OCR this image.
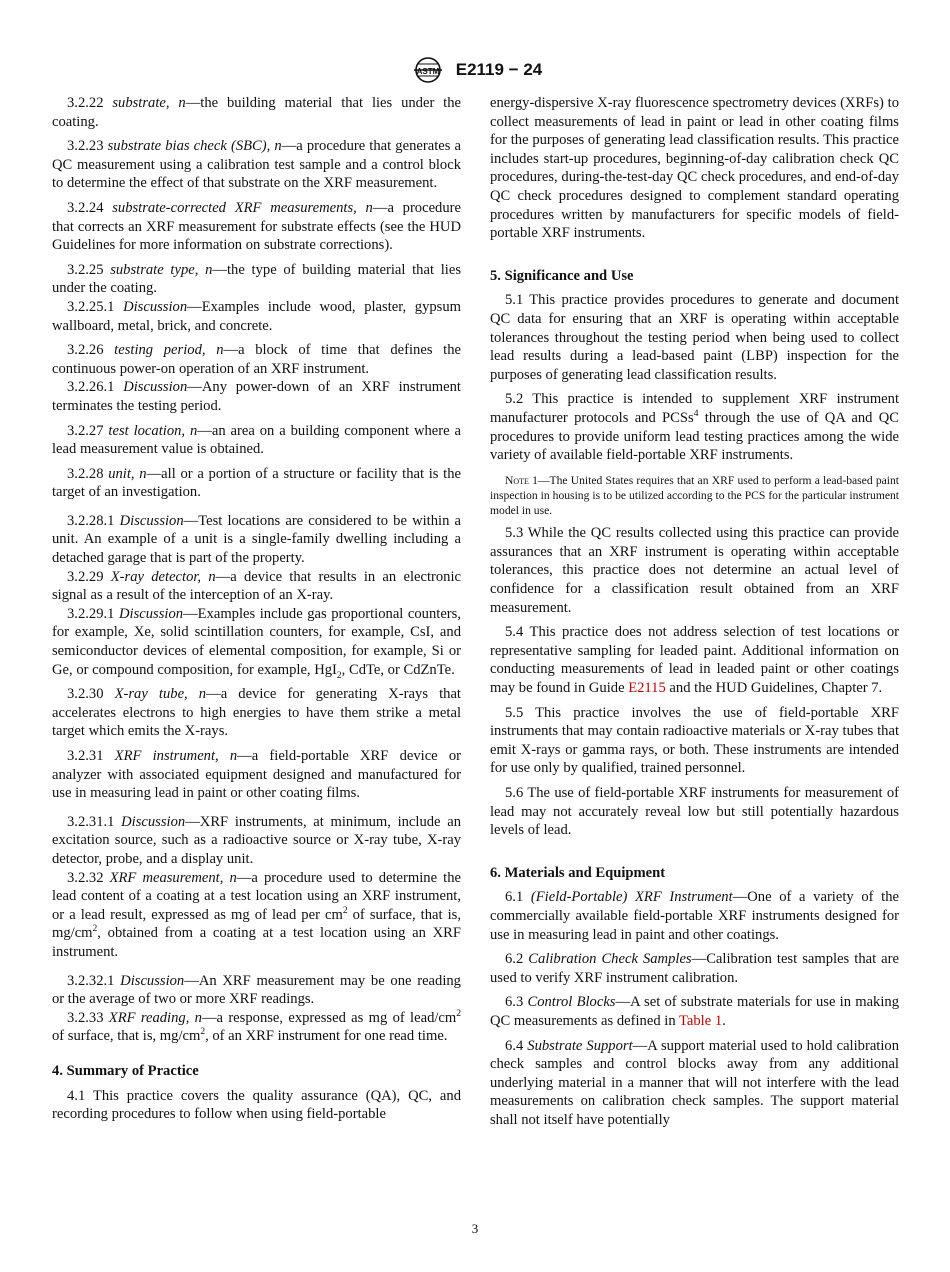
ASTM E2119 − 24

3.2.22 substrate, n—the building material that lies under the coating.

3.2.23 substrate bias check (SBC), n—a procedure that generates a QC measurement using a calibration test sample and a control block to determine the effect of that substrate on the XRF measurement.

3.2.24 substrate-corrected XRF measurements, n—a procedure that corrects an XRF measurement for substrate effects (see the HUD Guidelines for more information on substrate corrections).

3.2.25 substrate type, n—the type of building material that lies under the coating.

3.2.25.1 Discussion—Examples include wood, plaster, gypsum wallboard, metal, brick, and concrete.

3.2.26 testing period, n—a block of time that defines the continuous power-on operation of an XRF instrument.

3.2.26.1 Discussion—Any power-down of an XRF instrument terminates the testing period.

3.2.27 test location, n—an area on a building component where a lead measurement value is obtained.

3.2.28 unit, n—all or a portion of a structure or facility that is the target of an investigation.

3.2.28.1 Discussion—Test locations are considered to be within a unit. An example of a unit is a single-family dwelling including a detached garage that is part of the property.

3.2.29 X-ray detector, n—a device that results in an electronic signal as a result of the interception of an X-ray.

3.2.29.1 Discussion—Examples include gas proportional counters, for example, Xe, solid scintillation counters, for example, CsI, and semiconductor devices of elemental composition, for example, Si or Ge, or compound composition, for example, HgI$_2$, CdTe, or CdZnTe.

3.2.30 X-ray tube, n—a device for generating X-rays that accelerates electrons to high energies to have them strike a metal target which emits the X-rays.

3.2.31 XRF instrument, n—a field-portable XRF device or analyzer with associated equipment designed and manufactured for use in measuring lead in paint or other coating films.

3.2.31.1 Discussion—XRF instruments, at minimum, include an excitation source, such as a radioactive source or X-ray tube, X-ray detector, probe, and a display unit.

3.2.32 XRF measurement, n—a procedure used to determine the lead content of a coating at a test location using an XRF instrument, or a lead result, expressed as mg of lead per $cm^2$ of surface, that is, $mg/cm^2$, obtained from a coating at a test location using an XRF instrument.

3.2.32.1 Discussion—An XRF measurement may be one reading or the average of two or more XRF readings.

3.2.33 XRF reading, n—a response, expressed as mg of lead/$cm^2$ of surface, that is, $mg/cm^2$, of an XRF instrument for one read time.

4. Summary of Practice

4.1 This practice covers the quality assurance (QA), QC, and recording procedures to follow when using field-portable

energy-dispersive X-ray fluorescence spectrometry devices (XRFs) to collect measurements of lead in paint or lead in other coating films for the purposes of generating lead classification results. This practice includes start-up procedures, beginning-of-day calibration check QC procedures, during-the-test-day QC check procedures, and end-of-day QC check procedures designed to complement standard operating procedures written by manufacturers for specific models of field-portable XRF instruments.

5. Significance and Use

5.1 This practice provides procedures to generate and document QC data for ensuring that an XRF is operating within acceptable tolerances throughout the testing period when being used to collect lead results during a lead-based paint (LBP) inspection for the purposes of generating lead classification results.

5.2 This practice is intended to supplement XRF instrument manufacturer protocols and PCSs$^4$ through the use of QA and QC procedures to provide uniform lead testing practices among the wide variety of available field-portable XRF instruments.

Note 1—The United States requires that an XRF used to perform a lead-based paint inspection in housing is to be utilized according to the PCS for the particular instrument model in use.

5.3 While the QC results collected using this practice can provide assurances that an XRF instrument is operating within acceptable tolerances, this practice does not determine an actual level of confidence for a classification result obtained from an XRF measurement.

5.4 This practice does not address selection of test locations or representative sampling for leaded paint. Additional information on conducting measurements of lead in leaded paint or other coatings may be found in Guide E2115 and the HUD Guidelines, Chapter 7.

5.5 This practice involves the use of field-portable XRF instruments that may contain radioactive materials or X-ray tubes that emit X-rays or gamma rays, or both. These instruments are intended for use only by qualified, trained personnel.

5.6 The use of field-portable XRF instruments for measurement of lead may not accurately reveal low but still potentially hazardous levels of lead.

6. Materials and Equipment

6.1 (Field-Portable) XRF Instrument—One of a variety of the commercially available field-portable XRF instruments designed for use in measuring lead in paint and other coatings.

6.2 Calibration Check Samples—Calibration test samples that are used to verify XRF instrument calibration.

6.3 Control Blocks—A set of substrate materials for use in making QC measurements as defined in Table 1.

6.4 Substrate Support—A support material used to hold calibration check samples and control blocks away from any additional underlying material in a manner that will not interfere with the lead measurements on calibration check samples. The support material shall not itself have potentially

3
